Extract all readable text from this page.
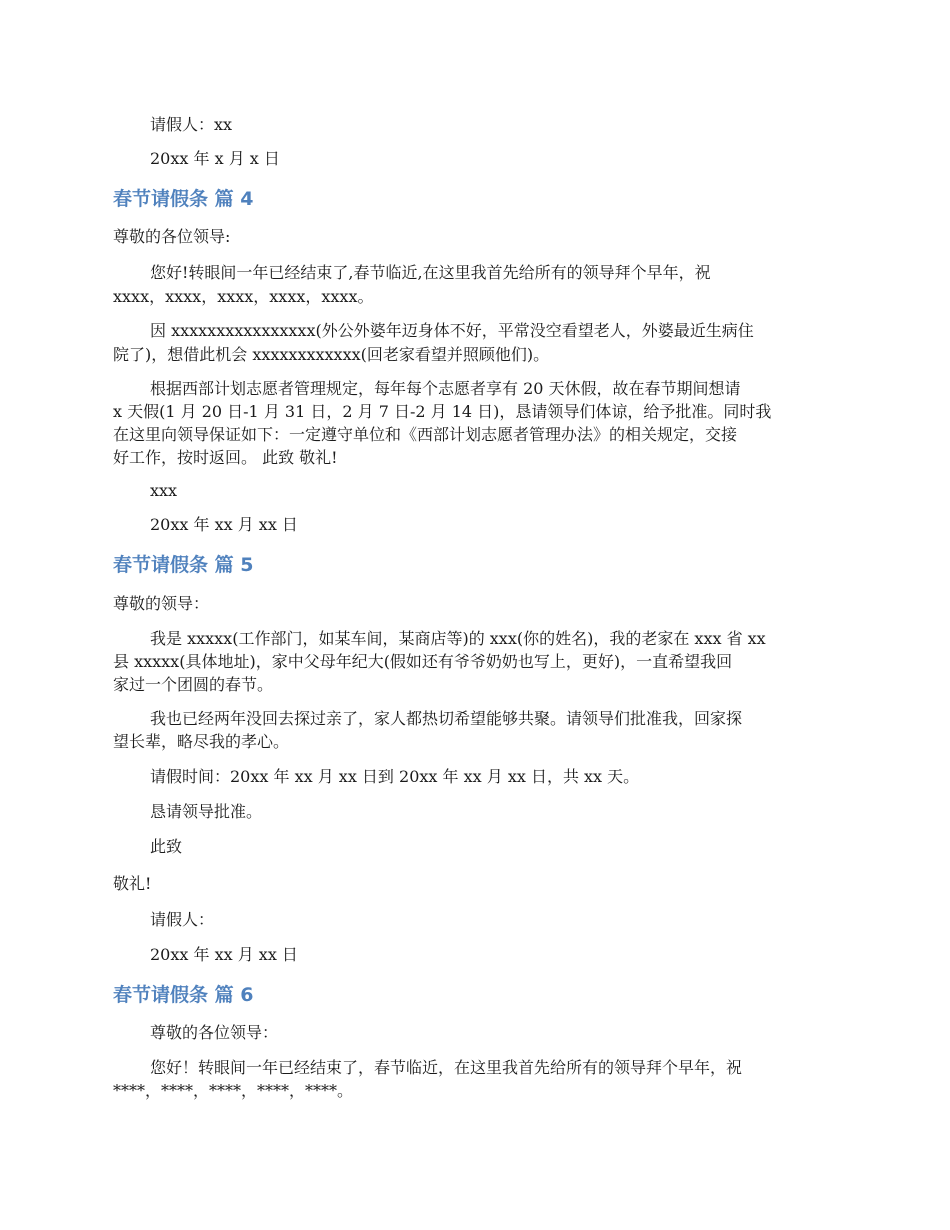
请假人：xx
20xx 年 x 月 x 日
春节请假条 篇 4
尊敬的各位领导:
您好!转眼间一年已经结束了,春节临近,在这里我首先给所有的领导拜个早年，祝
xxxx，xxxx，xxxx，xxxx，xxxx。
因 xxxxxxxxxxxxxxxx(外公外婆年迈身体不好，平常没空看望老人，外婆最近生病住
院了)，想借此机会 xxxxxxxxxxxx(回老家看望并照顾他们)。
根据西部计划志愿者管理规定，每年每个志愿者享有 20 天休假，故在春节期间想请
x 天假(1 月 20 日-1 月 31 日，2 月 7 日-2 月 14 日)，恳请领导们体谅，给予批准。同时我
在这里向领导保证如下：一定遵守单位和《西部计划志愿者管理办法》的相关规定，交接
好工作，按时返回。 此致 敬礼!
xxx
20xx 年 xx 月 xx 日
春节请假条 篇 5
尊敬的领导：
我是 xxxxx(工作部门，如某车间，某商店等)的 xxx(你的姓名)，我的老家在 xxx 省 xx
县 xxxxx(具体地址)，家中父母年纪大(假如还有爷爷奶奶也写上，更好)，一直希望我回
家过一个团圆的春节。
我也已经两年没回去探过亲了，家人都热切希望能够共聚。请领导们批准我，回家探
望长辈，略尽我的孝心。
请假时间：20xx 年 xx 月 xx 日到 20xx 年 xx 月 xx 日，共 xx 天。
恳请领导批准。
此致
敬礼!
请假人：
20xx 年 xx 月 xx 日
春节请假条 篇 6
尊敬的各位领导：
您好！转眼间一年已经结束了，春节临近，在这里我首先给所有的领导拜个早年，祝
****，****，****，****，****。
